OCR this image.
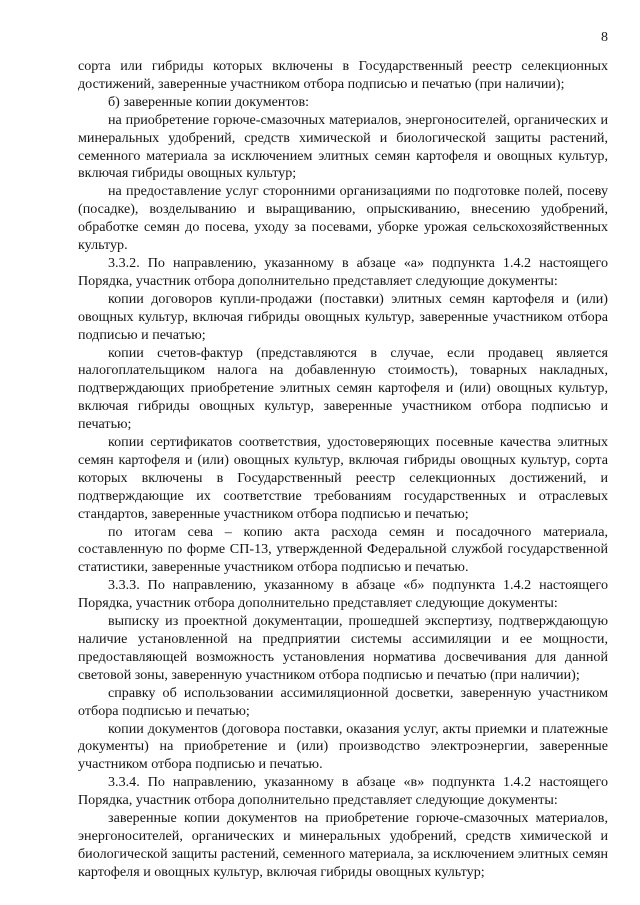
8

сорта или гибриды которых включены в Государственный реестр селекционных достижений, заверенные участником отбора подписью и печатью (при наличии);

б) заверенные копии документов:

на приобретение горюче-смазочных материалов, энергоносителей, органических и минеральных удобрений, средств химической и биологической защиты растений, семенного материала за исключением элитных семян картофеля и овощных культур, включая гибриды овощных культур;

на предоставление услуг сторонними организациями по подготовке полей, посеву (посадке), возделыванию и выращиванию, опрыскиванию, внесению удобрений, обработке семян до посева, уходу за посевами, уборке урожая сельскохозяйственных культур.

3.3.2. По направлению, указанному в абзаце «а» подпункта 1.4.2 настоящего Порядка, участник отбора дополнительно представляет следующие документы:

копии договоров купли-продажи (поставки) элитных семян картофеля и (или) овощных культур, включая гибриды овощных культур, заверенные участником отбора подписью и печатью;

копии счетов-фактур (представляются в случае, если продавец является налогоплательщиком налога на добавленную стоимость), товарных накладных, подтверждающих приобретение элитных семян картофеля и (или) овощных культур, включая гибриды овощных культур, заверенные участником отбора подписью и печатью;

копии сертификатов соответствия, удостоверяющих посевные качества элитных семян картофеля и (или) овощных культур, включая гибриды овощных культур, сорта которых включены в Государственный реестр селекционных достижений, и подтверждающие их соответствие требованиям государственных и отраслевых стандартов, заверенные участником отбора подписью и печатью;

по итогам сева – копию акта расхода семян и посадочного материала, составленную по форме СП-13, утвержденной Федеральной службой государственной статистики, заверенные участником отбора подписью и печатью.

3.3.3. По направлению, указанному в абзаце «б» подпункта 1.4.2 настоящего Порядка, участник отбора дополнительно представляет следующие документы:

выписку из проектной документации, прошедшей экспертизу, подтверждающую наличие установленной на предприятии системы ассимиляции и ее мощности, предоставляющей возможность установления норматива досвечивания для данной световой зоны, заверенную участником отбора подписью и печатью (при наличии);

справку об использовании ассимиляционной досветки, заверенную участником отбора подписью и печатью;

копии документов (договора поставки, оказания услуг, акты приемки и платежные документы) на приобретение и (или) производство электроэнергии, заверенные участником отбора подписью и печатью.

3.3.4. По направлению, указанному в абзаце «в» подпункта 1.4.2 настоящего Порядка, участник отбора дополнительно представляет следующие документы:

заверенные копии документов на приобретение горюче-смазочных материалов, энергоносителей, органических и минеральных удобрений, средств химической и биологической защиты растений, семенного материала, за исключением элитных семян картофеля и овощных культур, включая гибриды овощных культур;
